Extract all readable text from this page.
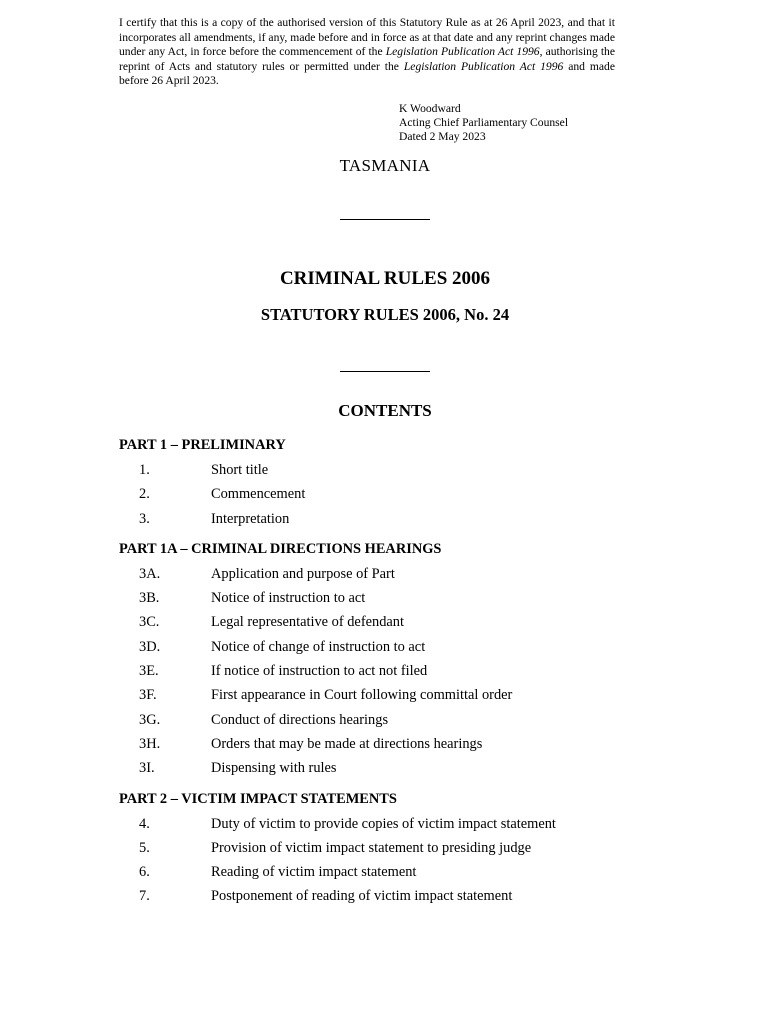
I certify that this is a copy of the authorised version of this Statutory Rule as at 26 April 2023, and that it incorporates all amendments, if any, made before and in force as at that date and any reprint changes made under any Act, in force before the commencement of the Legislation Publication Act 1996, authorising the reprint of Acts and statutory rules or permitted under the Legislation Publication Act 1996 and made before 26 April 2023.
K Woodward
Acting Chief Parliamentary Counsel
Dated 2 May 2023
TASMANIA
CRIMINAL RULES 2006
STATUTORY RULES 2006, No. 24
CONTENTS
PART 1 – PRELIMINARY
1.	Short title
2.	Commencement
3.	Interpretation
PART 1A – CRIMINAL DIRECTIONS HEARINGS
3A.	Application and purpose of Part
3B.	Notice of instruction to act
3C.	Legal representative of defendant
3D.	Notice of change of instruction to act
3E.	If notice of instruction to act not filed
3F.	First appearance in Court following committal order
3G.	Conduct of directions hearings
3H.	Orders that may be made at directions hearings
3I.	Dispensing with rules
PART 2 – VICTIM IMPACT STATEMENTS
4.	Duty of victim to provide copies of victim impact statement
5.	Provision of victim impact statement to presiding judge
6.	Reading of victim impact statement
7.	Postponement of reading of victim impact statement
